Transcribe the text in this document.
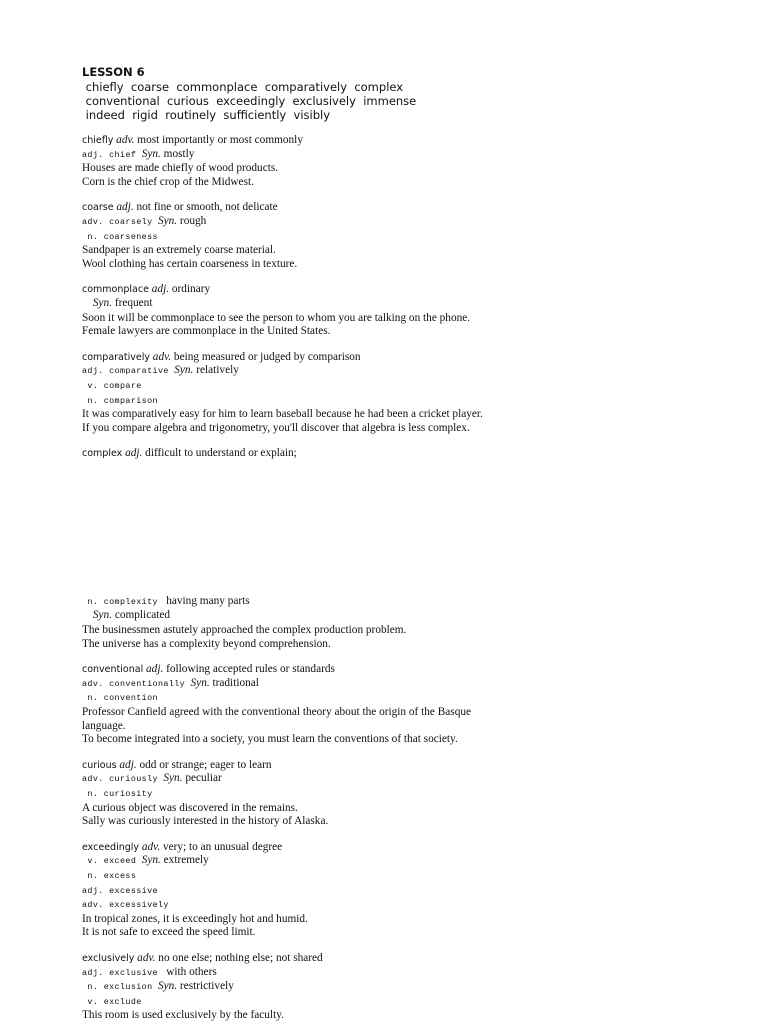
LESSON 6
chiefly  coarse  commonplace  comparatively  complex
conventional  curious  exceedingly  exclusively  immense
indeed  rigid  routinely  sufficiently  visibly
chiefly adv. most importantly or most commonly
adj. chief Syn. mostly
Houses are made chiefly of wood products.
Corn is the chief crop of the Midwest.
coarse adj. not fine or smooth, not delicate
adv. coarsely Syn. rough
n. coarseness
Sandpaper is an extremely coarse material.
Wool clothing has certain coarseness in texture.
commonplace adj. ordinary
Syn. frequent
Soon it will be commonplace to see the person to whom you are talking on the phone.
Female lawyers are commonplace in the United States.
comparatively adv. being measured or judged by comparison
adj. comparative Syn. relatively
v. compare
n. comparison
It was comparatively easy for him to learn baseball because he had been a cricket player.
If you compare algebra and trigonometry, you'll discover that algebra is less complex.
complex adj. difficult to understand or explain;
n. complexity  having many parts
Syn. complicated
The businessmen astutely approached the complex production problem.
The universe has a complexity beyond comprehension.
conventional adj. following accepted rules or standards
adv. conventionally Syn. traditional
n. convention
Professor Canfield agreed with the conventional theory about the origin of the Basque language.
To become integrated into a society, you must learn the conventions of that society.
curious adj. odd or strange; eager to learn
adv. curiously Syn. peculiar
n. curiosity
A curious object was discovered in the remains.
Sally was curiously interested in the history of Alaska.
exceedingly adv. very; to an unusual degree
v. exceed Syn. extremely
n. excess
adj. excessive
adv. excessively
In tropical zones, it is exceedingly hot and humid.
It is not safe to exceed the speed limit.
exclusively adv. no one else; nothing else; not shared
adj. exclusive  with others
n. exclusion Syn. restrictively
v. exclude
This room is used exclusively by the faculty.
